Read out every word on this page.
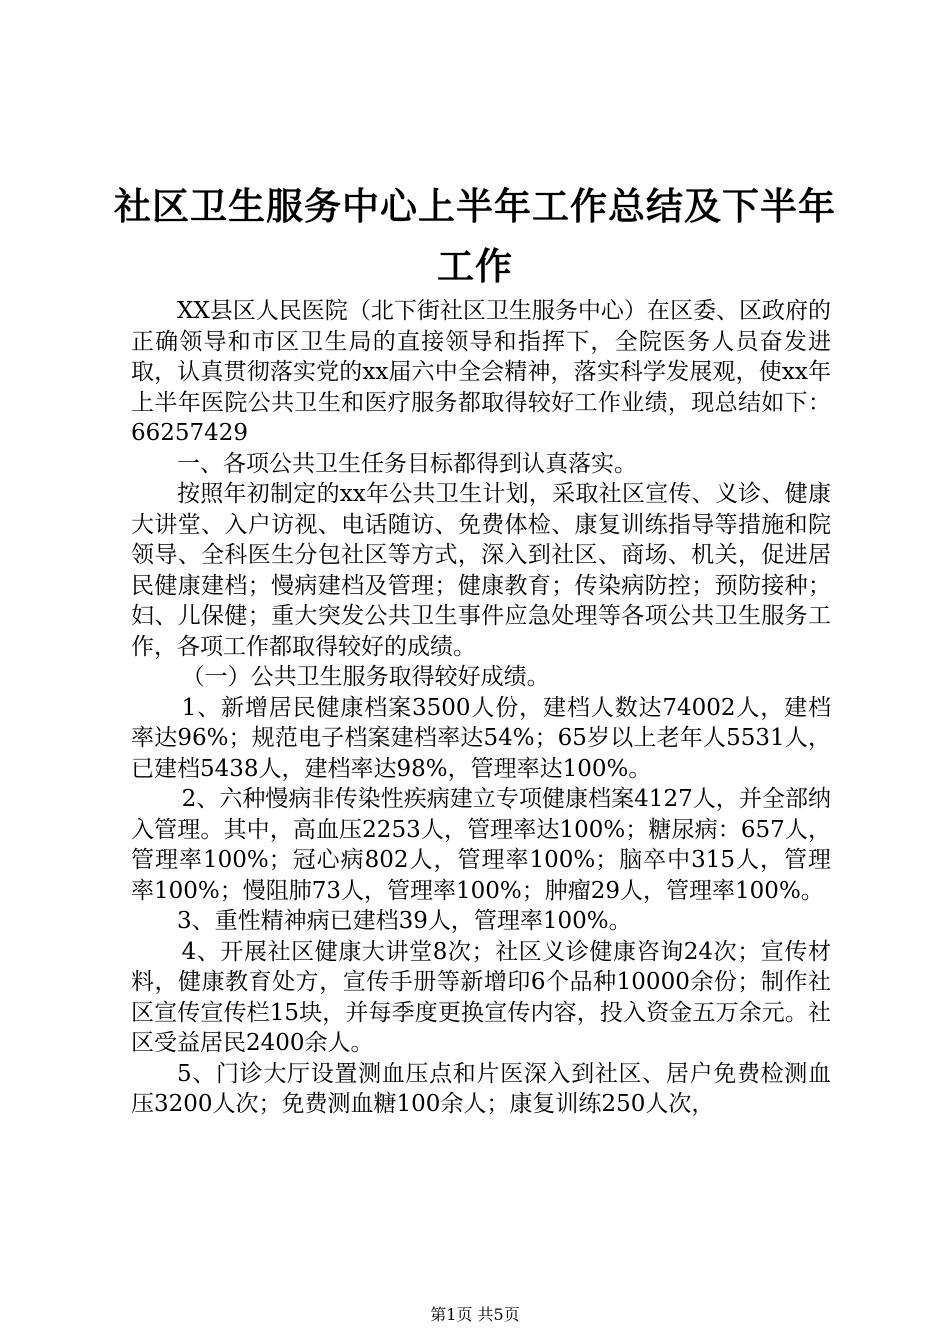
社区卫生服务中心上半年工作总结及下半年工作

XX县区人民医院（北下街社区卫生服务中心）在区委、区政府的正确领导和市区卫生局的直接领导和指挥下，全院医务人员奋发进取，认真贯彻落实党的xx届六中全会精神，落实科学发展观，使xx年上半年医院公共卫生和医疗服务都取得较好工作业绩，现总结如下：66257429

一、各项公共卫生任务目标都得到认真落实。

按照年初制定的xx年公共卫生计划，采取社区宣传、义诊、健康大讲堂、入户访视、电话随访、免费体检、康复训练指导等措施和院领导、全科医生分包社区等方式，深入到社区、商场、机关，促进居民健康建档；慢病建档及管理；健康教育；传染病防控；预防接种；妇、儿保健；重大突发公共卫生事件应急处理等各项公共卫生服务工作，各项工作都取得较好的成绩。

（一）公共卫生服务取得较好成绩。

1、新增居民健康档案3500人份，建档人数达74002人，建档率达96%；规范电子档案建档率达54%；65岁以上老年人5531人，已建档5438人，建档率达98%，管理率达100%。

2、六种慢病非传染性疾病建立专项健康档案4127人，并全部纳入管理。其中，高血压2253人，管理率达100%；糖尿病：657人，管理率100%；冠心病802人，管理率100%；脑卒中315人，管理率100%；慢阻肺73人，管理率100%；肿瘤29人，管理率100%。

3、重性精神病已建档39人，管理率100%。

4、开展社区健康大讲堂8次；社区义诊健康咨询24次；宣传材料，健康教育处方，宣传手册等新增印6个品种10000余份；制作社区宣传宣传栏15块，并每季度更换宣传内容，投入资金五万余元。社区受益居民2400余人。

5、门诊大厅设置测血压点和片医深入到社区、居户免费检测血压3200人次；免费测血糖100余人；康复训练250人次，

第1页 共5页
